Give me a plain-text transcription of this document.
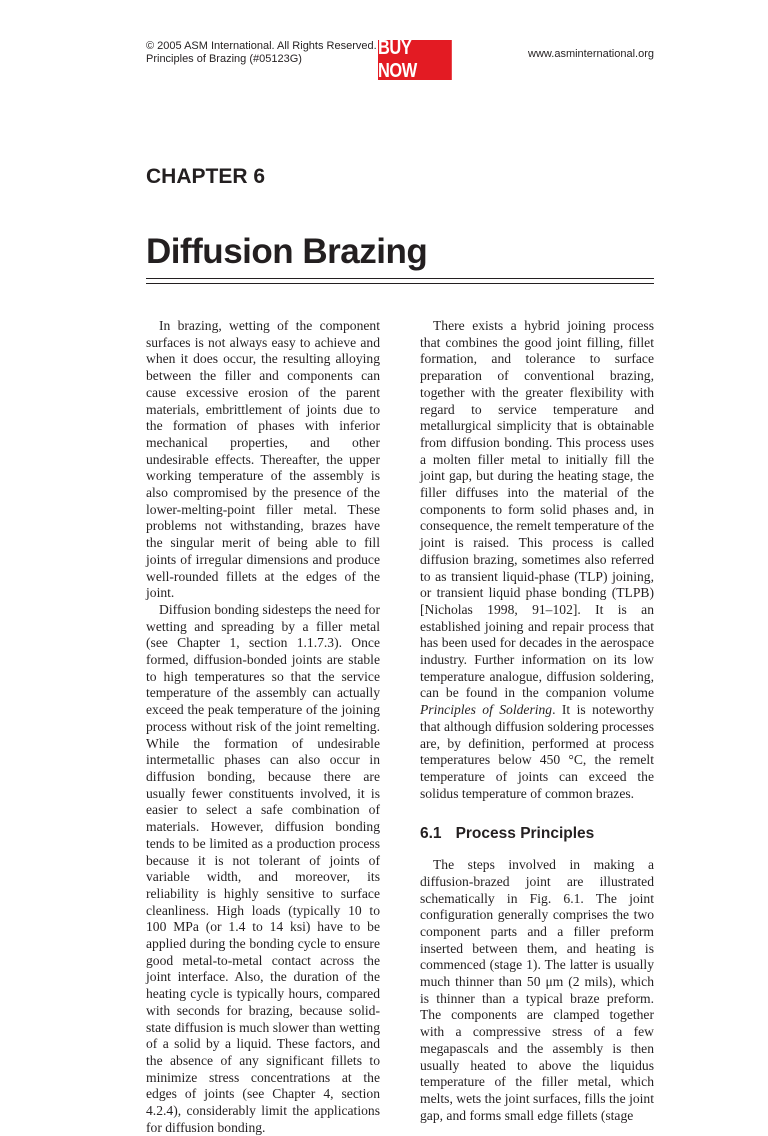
© 2005 ASM International. All Rights Reserved.
Principles of Brazing (#05123G)	BUY NOW
www.asminternational.org
CHAPTER 6
Diffusion Brazing

In brazing, wetting of the component surfaces is not always easy to achieve and when it does occur, the resulting alloying between the filler and components can cause excessive erosion of the parent materials, embrittlement of joints due to the formation of phases with inferior mechanical properties, and other undesirable effects. Thereafter, the upper working temperature of the assembly is also compromised by the presence of the lower-melting-point filler metal. These problems not withstanding, brazes have the singular merit of being able to fill joints of irregular dimensions and produce well-rounded fillets at the edges of the joint.

Diffusion bonding sidesteps the need for wetting and spreading by a filler metal (see Chapter 1, section 1.1.7.3). Once formed, diffusion-bonded joints are stable to high temperatures so that the service temperature of the assembly can actually exceed the peak temperature of the joining process without risk of the joint remelting. While the formation of undesirable intermetallic phases can also occur in diffusion bonding, because there are usually fewer constituents involved, it is easier to select a safe combination of materials. However, diffusion bonding tends to be limited as a production process because it is not tolerant of joints of variable width, and moreover, its reliability is highly sensitive to surface cleanliness. High loads (typically 10 to 100 MPa (or 1.4 to 14 ksi) have to be applied during the bonding cycle to ensure good metal-to-metal contact across the joint interface. Also, the duration of the heating cycle is typically hours, compared with seconds for brazing, because solid-state diffusion is much slower than wetting of a solid by a liquid. These factors, and the absence of any significant fillets to minimize stress concentrations at the edges of joints (see Chapter 4, section 4.2.4), considerably limit the applications for diffusion bonding.

There exists a hybrid joining process that combines the good joint filling, fillet formation, and tolerance to surface preparation of conventional brazing, together with the greater flexibility with regard to service temperature and metallurgical simplicity that is obtainable from diffusion bonding. This process uses a molten filler metal to initially fill the joint gap, but during the heating stage, the filler diffuses into the material of the components to form solid phases and, in consequence, the remelt temperature of the joint is raised. This process is called diffusion brazing, sometimes also referred to as transient liquid-phase (TLP) joining, or transient liquid phase bonding (TLPB) [Nicholas 1998, 91–102]. It is an established joining and repair process that has been used for decades in the aerospace industry. Further information on its low temperature analogue, diffusion soldering, can be found in the companion volume Principles of Soldering. It is noteworthy that although diffusion soldering processes are, by definition, performed at process temperatures below 450 °C, the remelt temperature of joints can exceed the solidus temperature of common brazes.

6.1 Process Principles

The steps involved in making a diffusion-brazed joint are illustrated schematically in Fig. 6.1. The joint configuration generally comprises the two component parts and a filler preform inserted between them, and heating is commenced (stage 1). The latter is usually much thinner than 50 μm (2 mils), which is thinner than a typical braze preform. The components are clamped together with a compressive stress of a few megapascals and the assembly is then usually heated to above the liquidus temperature of the filler metal, which melts, wets the joint surfaces, fills the joint gap, and forms small edge fillets (stage
